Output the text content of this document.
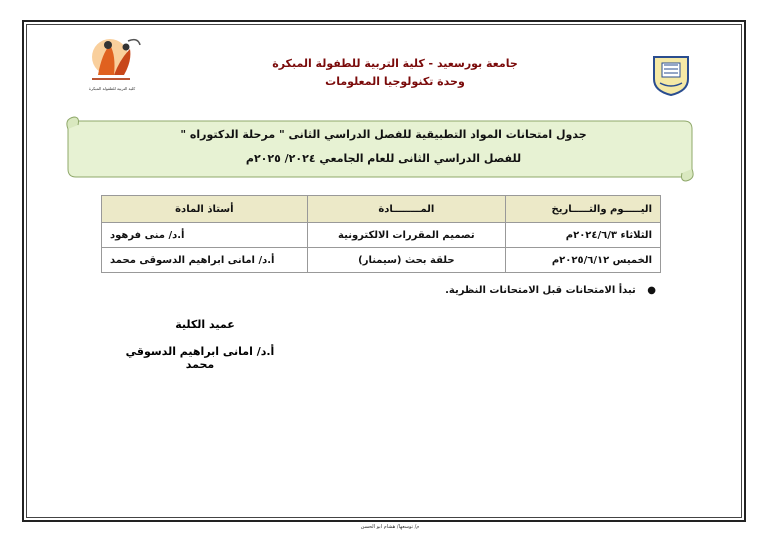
كلية التربية للطفولة المبكرة
جامعة بورسعيد - كلية التربية للطفولة المبكرة
وحدة تكنولوجيا المعلومات
جدول امتحانات المواد التطبيقية للفصل الدراسي الثانى " مرحلة الدكتوراه "
للفصل الدراسي الثانى للعام الجامعي ٢٠٢٤/ ٢٠٢٥م
اليـــــوم والتـــــاريخ	المــــــــادة	أستاذ المادة
الثلاثاء ٢٠٢٤/٦/٣م	تصميم المقررات الالكترونية	أ.د/ منى فرهود
الخميس ٢٠٢٥/٦/١٢م	حلقة بحث (سيمنار)	أ.د/ امانى ابراهيم الدسوقى محمد
● تبدأ الامتحانات قبل الامتحانات النظرية.
عميد الكلية
أ.د/ امانى ابراهيم الدسوقي محمد
م/ توسعها/ هشام ابو الحسن
